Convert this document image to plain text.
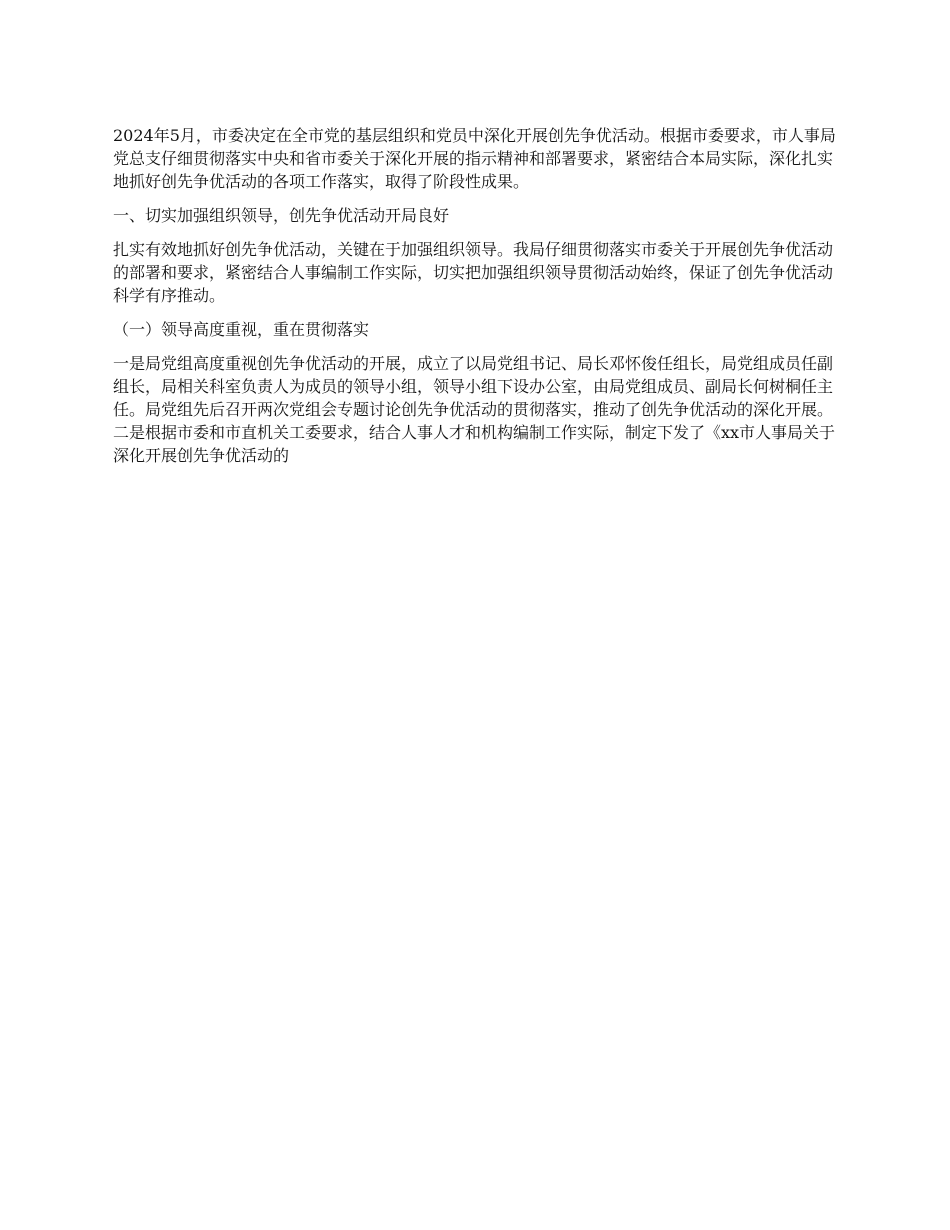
2024年5月，市委决定在全市党的基层组织和党员中深化开展创先争优活动。根据市委要求，市人事局党总支仔细贯彻落实中央和省市委关于深化开展的指示精神和部署要求，紧密结合本局实际，深化扎实地抓好创先争优活动的各项工作落实，取得了阶段性成果。

一、切实加强组织领导，创先争优活动开局良好

扎实有效地抓好创先争优活动，关键在于加强组织领导。我局仔细贯彻落实市委关于开展创先争优活动的部署和要求，紧密结合人事编制工作实际，切实把加强组织领导贯彻活动始终，保证了创先争优活动科学有序推动。

（一）领导高度重视，重在贯彻落实

一是局党组高度重视创先争优活动的开展，成立了以局党组书记、局长邓怀俊任组长，局党组成员任副组长，局相关科室负责人为成员的领导小组，领导小组下设办公室，由局党组成员、副局长何树桐任主任。局党组先后召开两次党组会专题讨论创先争优活动的贯彻落实，推动了创先争优活动的深化开展。二是根据市委和市直机关工委要求，结合人事人才和机构编制工作实际，制定下发了《xx市人事局关于深化开展创先争优活动的
